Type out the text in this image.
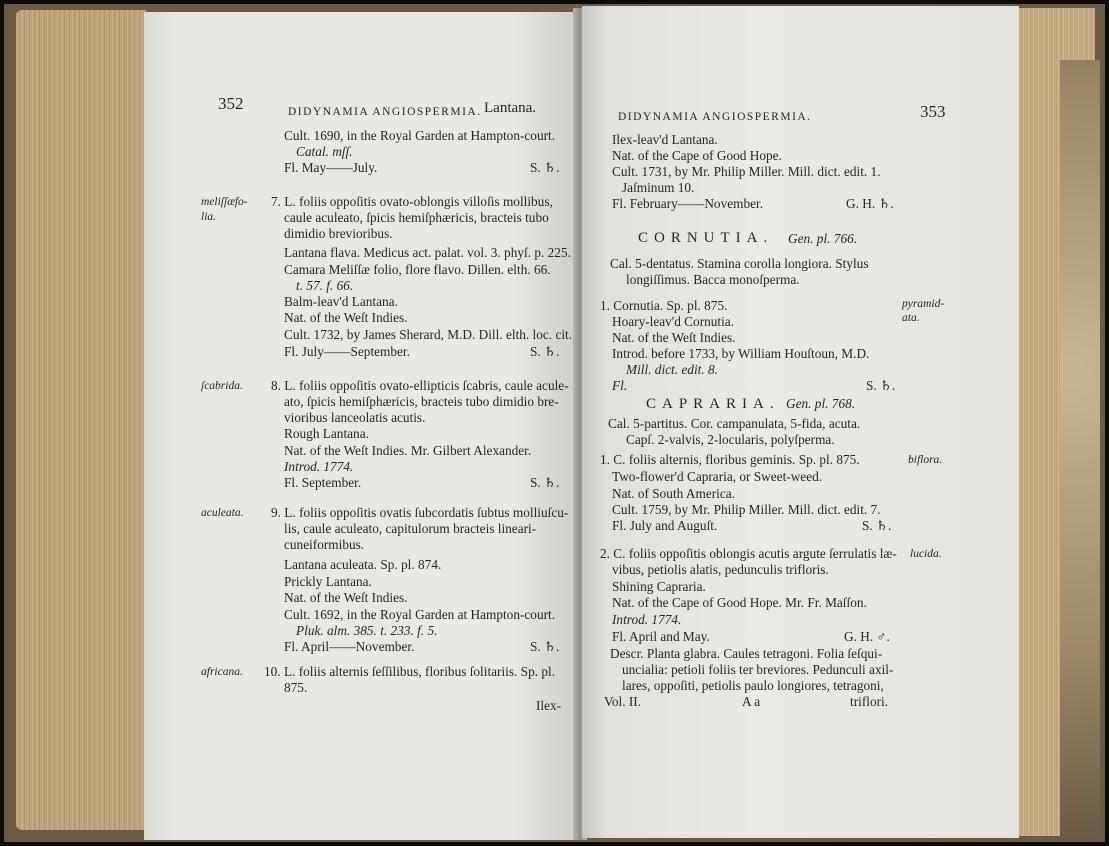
352	DIDYNAMIA ANGIOSPERMIA. Lantana.
Cult. 1690, in the Royal Garden at Hampton-court.
Catal. mſſ.
Fl. May——July.	S. ♄.
meliſſæfo-
lia.
7. L. foliis oppoſitis ovato-oblongis villoſis mollibus,
caule aculeato, ſpicis hemiſphæricis, bracteis tubo
dimidio brevioribus.
Lantana flava. Medicus act. palat. vol. 3. phyſ. p. 225.
Camara Meliſſæ folio, flore flavo. Dillen. elth. 66.
t. 57. f. 66.
Balm-leav'd Lantana.
Nat. of the Weſt Indies.
Cult. 1732, by James Sherard, M.D. Dill. elth. loc. cit.
Fl. July——September.	S. ♄.
ſcabrida. 8. L. foliis oppoſitis ovato-ellipticis ſcabris, caule acule-
ato, ſpicis hemiſphæricis, bracteis tubo dimidio bre-
vioribus lanceolatis acutis.
Rough Lantana.
Nat. of the Weſt Indies. Mr. Gilbert Alexander.
Introd. 1774.
Fl. September.	S. ♄.
aculeata. 9. L. foliis oppoſitis ovatis ſubcordatis ſubtus molliuſcu-
lis, caule aculeato, capitulorum bracteis lineari-
cuneiformibus.
Lantana aculeata. Sp. pl. 874.
Prickly Lantana.
Nat. of the Weſt Indies.
Cult. 1692, in the Royal Garden at Hampton-court.
Pluk. alm. 385. t. 233. f. 5.
Fl. April——November.	S. ♄.
africana. 10. L. foliis alternis ſeſſilibus, floribus ſolitariis. Sp. pl.
875.
Ilex-
DIDYNAMIA ANGIOSPERMIA.	353
Ilex-leav'd Lantana.
Nat. of the Cape of Good Hope.
Cult. 1731, by Mr. Philip Miller. Mill. dict. edit. 1.
Jaſminum 10.
Fl. February——November.	G. H. ♄.
CORNUTIA. Gen. pl. 766.
Cal. 5-dentatus. Stamina corolla longiora. Stylus
longiſſimus. Bacca monoſperma.
1. Cornutia. Sp. pl. 875.	pyramid-
ata.
Hoary-leav'd Cornutia.
Nat. of the Weſt Indies.
Introd. before 1733, by William Houſtoun, M.D.
Mill. dict. edit. 8.
Fl.	S. ♄.
CAPRARIA. Gen. pl. 768.
Cal. 5-partitus. Cor. campanulata, 5-fida, acuta.
Capſ. 2-valvis, 2-locularis, polyſperma.
1. C. foliis alternis, floribus geminis. Sp. pl. 875.	biflora.
Two-flower'd Capraria, or Sweet-weed.
Nat. of South America.
Cult. 1759, by Mr. Philip Miller. Mill. dict. edit. 7.
Fl. July and Auguſt.	S. ♄.
2. C. foliis oppoſitis oblongis acutis argute ſerrulatis læ- lucida.
vibus, petiolis alatis, pedunculis trifloris.
Shining Capraria.
Nat. of the Cape of Good Hope. Mr. Fr. Maſſon.
Introd. 1774.
Fl. April and May.	G. H. ♂.
Descr. Planta glabra. Caules tetragoni. Folia ſeſqui-
uncialia: petioli foliis ter breviores. Pedunculi axil-
lares, oppoſiti, petiolis paulo longiores, tetragoni,
Vol. II.	A a	triflori.
